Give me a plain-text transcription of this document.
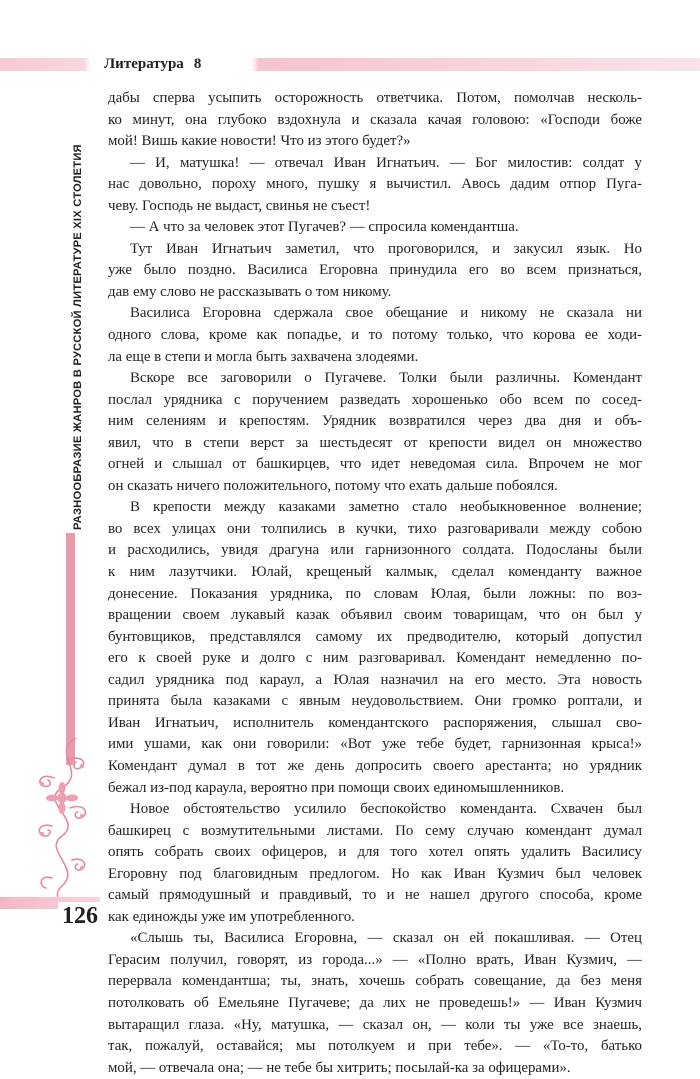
Литература 8
РАЗНООБРАЗИЕ ЖАНРОВ В РУССКОЙ ЛИТЕРАТУРЕ XIX СТОЛЕТИЯ
126

дабы сперва усыпить осторожность ответчика. Потом, помолчав несколь-
ко минут, она глубоко вздохнула и сказала качая головою: «Господи боже
мой! Вишь какие новости! Что из этого будет?»

— И, матушка! — отвечал Иван Игнатьич. — Бог милостив: солдат у
нас довольно, пороху много, пушку я вычистил. Авось дадим отпор Пуга-
чеву. Господь не выдаст, свинья не съест!

— А что за человек этот Пугачев? — спросила комендантша.

Тут Иван Игнатьич заметил, что проговорился, и закусил язык. Но
уже было поздно. Василиса Егоровна принудила его во всем признаться,
дав ему слово не рассказывать о том никому.

Василиса Егоровна сдержала свое обещание и никому не сказала ни
одного слова, кроме как попадье, и то потому только, что корова ее ходи-
ла еще в степи и могла быть захвачена злодеями.

Вскоре все заговорили о Пугачеве. Толки были различны. Комендант
послал урядника с поручением разведать хорошенько обо всем по сосед-
ним селениям и крепостям. Урядник возвратился через два дня и объ-
явил, что в степи верст за шестьдесят от крепости видел он множество
огней и слышал от башкирцев, что идет неведомая сила. Впрочем не мог
он сказать ничего положительного, потому что ехать дальше побоялся.

В крепости между казаками заметно стало необыкновенное волнение;
во всех улицах они толпились в кучки, тихо разговаривали между собою
и расходились, увидя драгуна или гарнизонного солдата. Подосланы были
к ним лазутчики. Юлай, крещеный калмык, сделал коменданту важное
донесение. Показания урядника, по словам Юлая, были ложны: по воз-
вращении своем лукавый казак объявил своим товарищам, что он был у
бунтовщиков, представлялся самому их предводителю, который допустил
его к своей руке и долго с ним разговаривал. Комендант немедленно по-
садил урядника под караул, а Юлая назначил на его место. Эта новость
принята была казаками с явным неудовольствием. Они громко роптали, и
Иван Игнатьич, исполнитель комендантского распоряжения, слышал сво-
ими ушами, как они говорили: «Вот уже тебе будет, гарнизонная крыса!»
Комендант думал в тот же день допросить своего арестанта; но урядник
бежал из-под караула, вероятно при помощи своих единомышленников.

Новое обстоятельство усилило беспокойство коменданта. Схвачен был
башкирец с возмутительными листами. По сему случаю комендант думал
опять собрать своих офицеров, и для того хотел опять удалить Василису
Егоровну под благовидным предлогом. Но как Иван Кузмич был человек
самый прямодушный и правдивый, то и не нашел другого способа, кроме
как единожды уже им употребленного.

«Слышь ты, Василиса Егоровна, — сказал он ей покашливая. — Отец
Герасим получил, говорят, из города...» — «Полно врать, Иван Кузмич, —
перервала комендантша; ты, знать, хочешь собрать совещание, да без меня
потолковать об Емельяне Пугачеве; да лих не проведешь!» — Иван Кузмич
вытаращил глаза. «Ну, матушка, — сказал он, — коли ты уже все знаешь,
так, пожалуй, оставайся; мы потолкуем и при тебе». — «То-то, батько
мой, — отвечала она; — не тебе бы хитрить; посылай-ка за офицерами».
